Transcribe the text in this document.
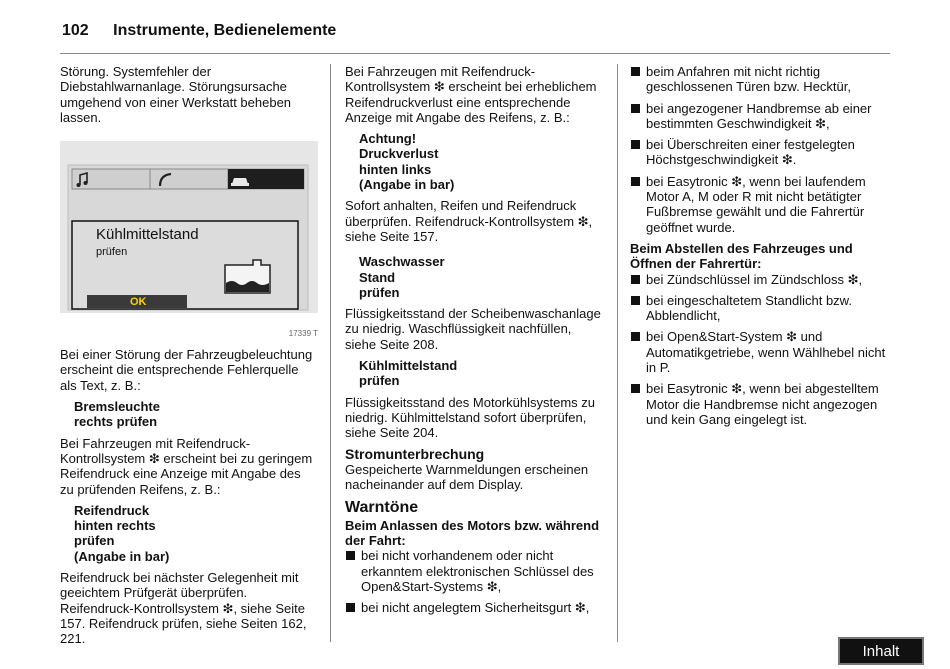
102 Instrumente, Bedienelemente

Störung. Systemfehler der Diebstahlwarnanlage. Störungsursache umgehend von einer Werkstatt beheben lassen.

Kühlmittelstand
prüfen
OK
17339 T

Bei einer Störung der Fahrzeugbeleuchtung erscheint die entsprechende Fehlerquelle als Text, z. B.:

Bremsleuchte
rechts prüfen

Bei Fahrzeugen mit Reifendruck-Kontrollsystem ❇ erscheint bei zu geringem Reifendruck eine Anzeige mit Angabe des zu prüfenden Reifens, z. B.:

Reifendruck
hinten rechts
prüfen
(Angabe in bar)

Reifendruck bei nächster Gelegenheit mit geeichtem Prüfgerät überprüfen. Reifendruck-Kontrollsystem ❇, siehe Seite 157. Reifendruck prüfen, siehe Seiten 162, 221.

Bei Fahrzeugen mit Reifendruck-Kontrollsystem ❇ erscheint bei erheblichem Reifendruckverlust eine entsprechende Anzeige mit Angabe des Reifens, z. B.:

Achtung!
Druckverlust
hinten links
(Angabe in bar)

Sofort anhalten, Reifen und Reifendruck überprüfen. Reifendruck-Kontrollsystem ❇, siehe Seite 157.

Waschwasser
Stand
prüfen

Flüssigkeitsstand der Scheibenwaschanlage zu niedrig. Waschflüssigkeit nachfüllen, siehe Seite 208.

Kühlmittelstand
prüfen

Flüssigkeitsstand des Motorkühlsystems zu niedrig. Kühlmittelstand sofort überprüfen, siehe Seite 204.

Stromunterbrechung

Gespeicherte Warnmeldungen erscheinen nacheinander auf dem Display.

Warntöne

Beim Anlassen des Motors bzw. während der Fahrt:

bei nicht vorhandenem oder nicht erkanntem elektronischen Schlüssel des Open&Start-Systems ❇,
bei nicht angelegtem Sicherheitsgurt ❇,
beim Anfahren mit nicht richtig geschlossenen Türen bzw. Hecktür,
bei angezogener Handbremse ab einer bestimmten Geschwindigkeit ❇,
bei Überschreiten einer festgelegten Höchstgeschwindigkeit ❇.
bei Easytronic ❇, wenn bei laufendem Motor A, M oder R mit nicht betätigter Fußbremse gewählt und die Fahrertür geöffnet wurde.

Beim Abstellen des Fahrzeuges und Öffnen der Fahrertür:

bei Zündschlüssel im Zündschloss ❇,
bei eingeschaltetem Standlicht bzw. Abblendlicht,
bei Open&Start-System ❇ und Automatikgetriebe, wenn Wählhebel nicht in P.
bei Easytronic ❇, wenn bei abgestelltem Motor die Handbremse nicht angezogen und kein Gang eingelegt ist.
Inhalt
